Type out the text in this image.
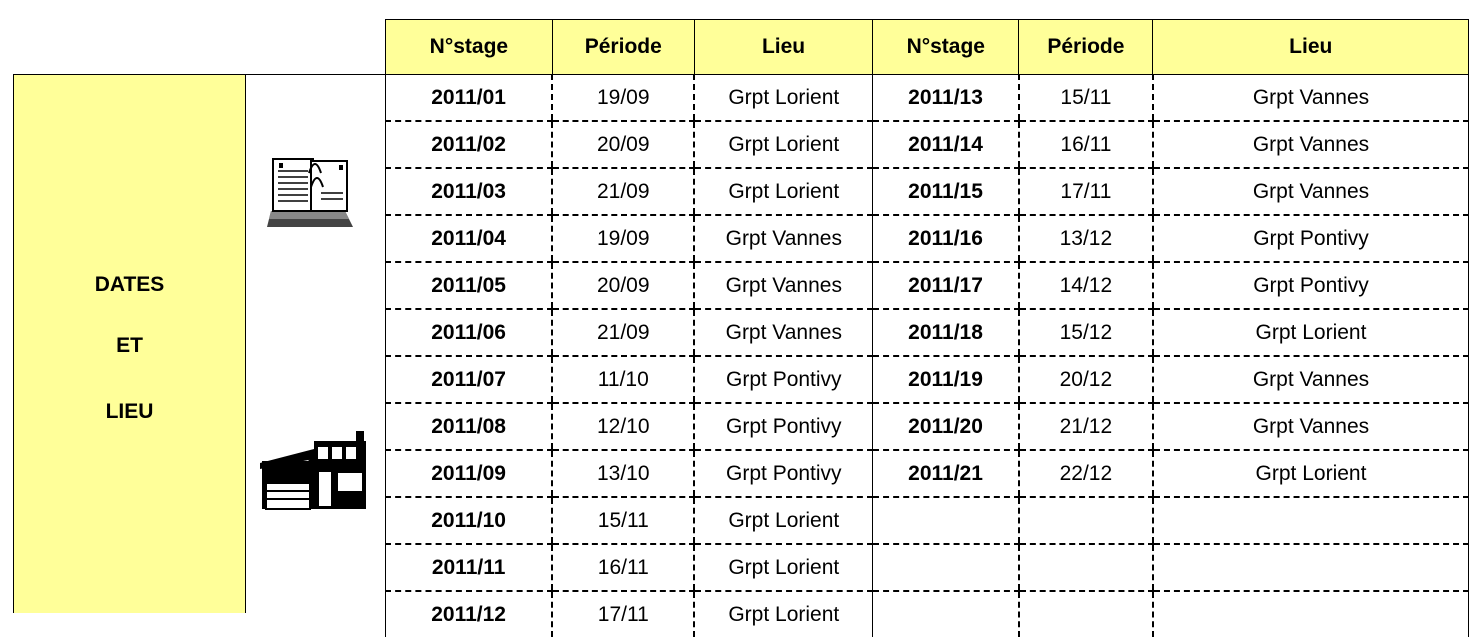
DATES
ET
LIEU
N°stage	Période	Lieu	N°stage	Période	Lieu
2011/01	19/09	Grpt Lorient	2011/13	15/11	Grpt Vannes
2011/02	20/09	Grpt Lorient	2011/14	16/11	Grpt Vannes
2011/03	21/09	Grpt Lorient	2011/15	17/11	Grpt Vannes
2011/04	19/09	Grpt Vannes	2011/16	13/12	Grpt Pontivy
2011/05	20/09	Grpt Vannes	2011/17	14/12	Grpt Pontivy
2011/06	21/09	Grpt Vannes	2011/18	15/12	Grpt Lorient
2011/07	11/10	Grpt Pontivy	2011/19	20/12	Grpt Vannes
2011/08	12/10	Grpt Pontivy	2011/20	21/12	Grpt Vannes
2011/09	13/10	Grpt Pontivy	2011/21	22/12	Grpt Lorient
2011/10	15/11	Grpt Lorient			
2011/11	16/11	Grpt Lorient			
2011/12	17/11	Grpt Lorient			
